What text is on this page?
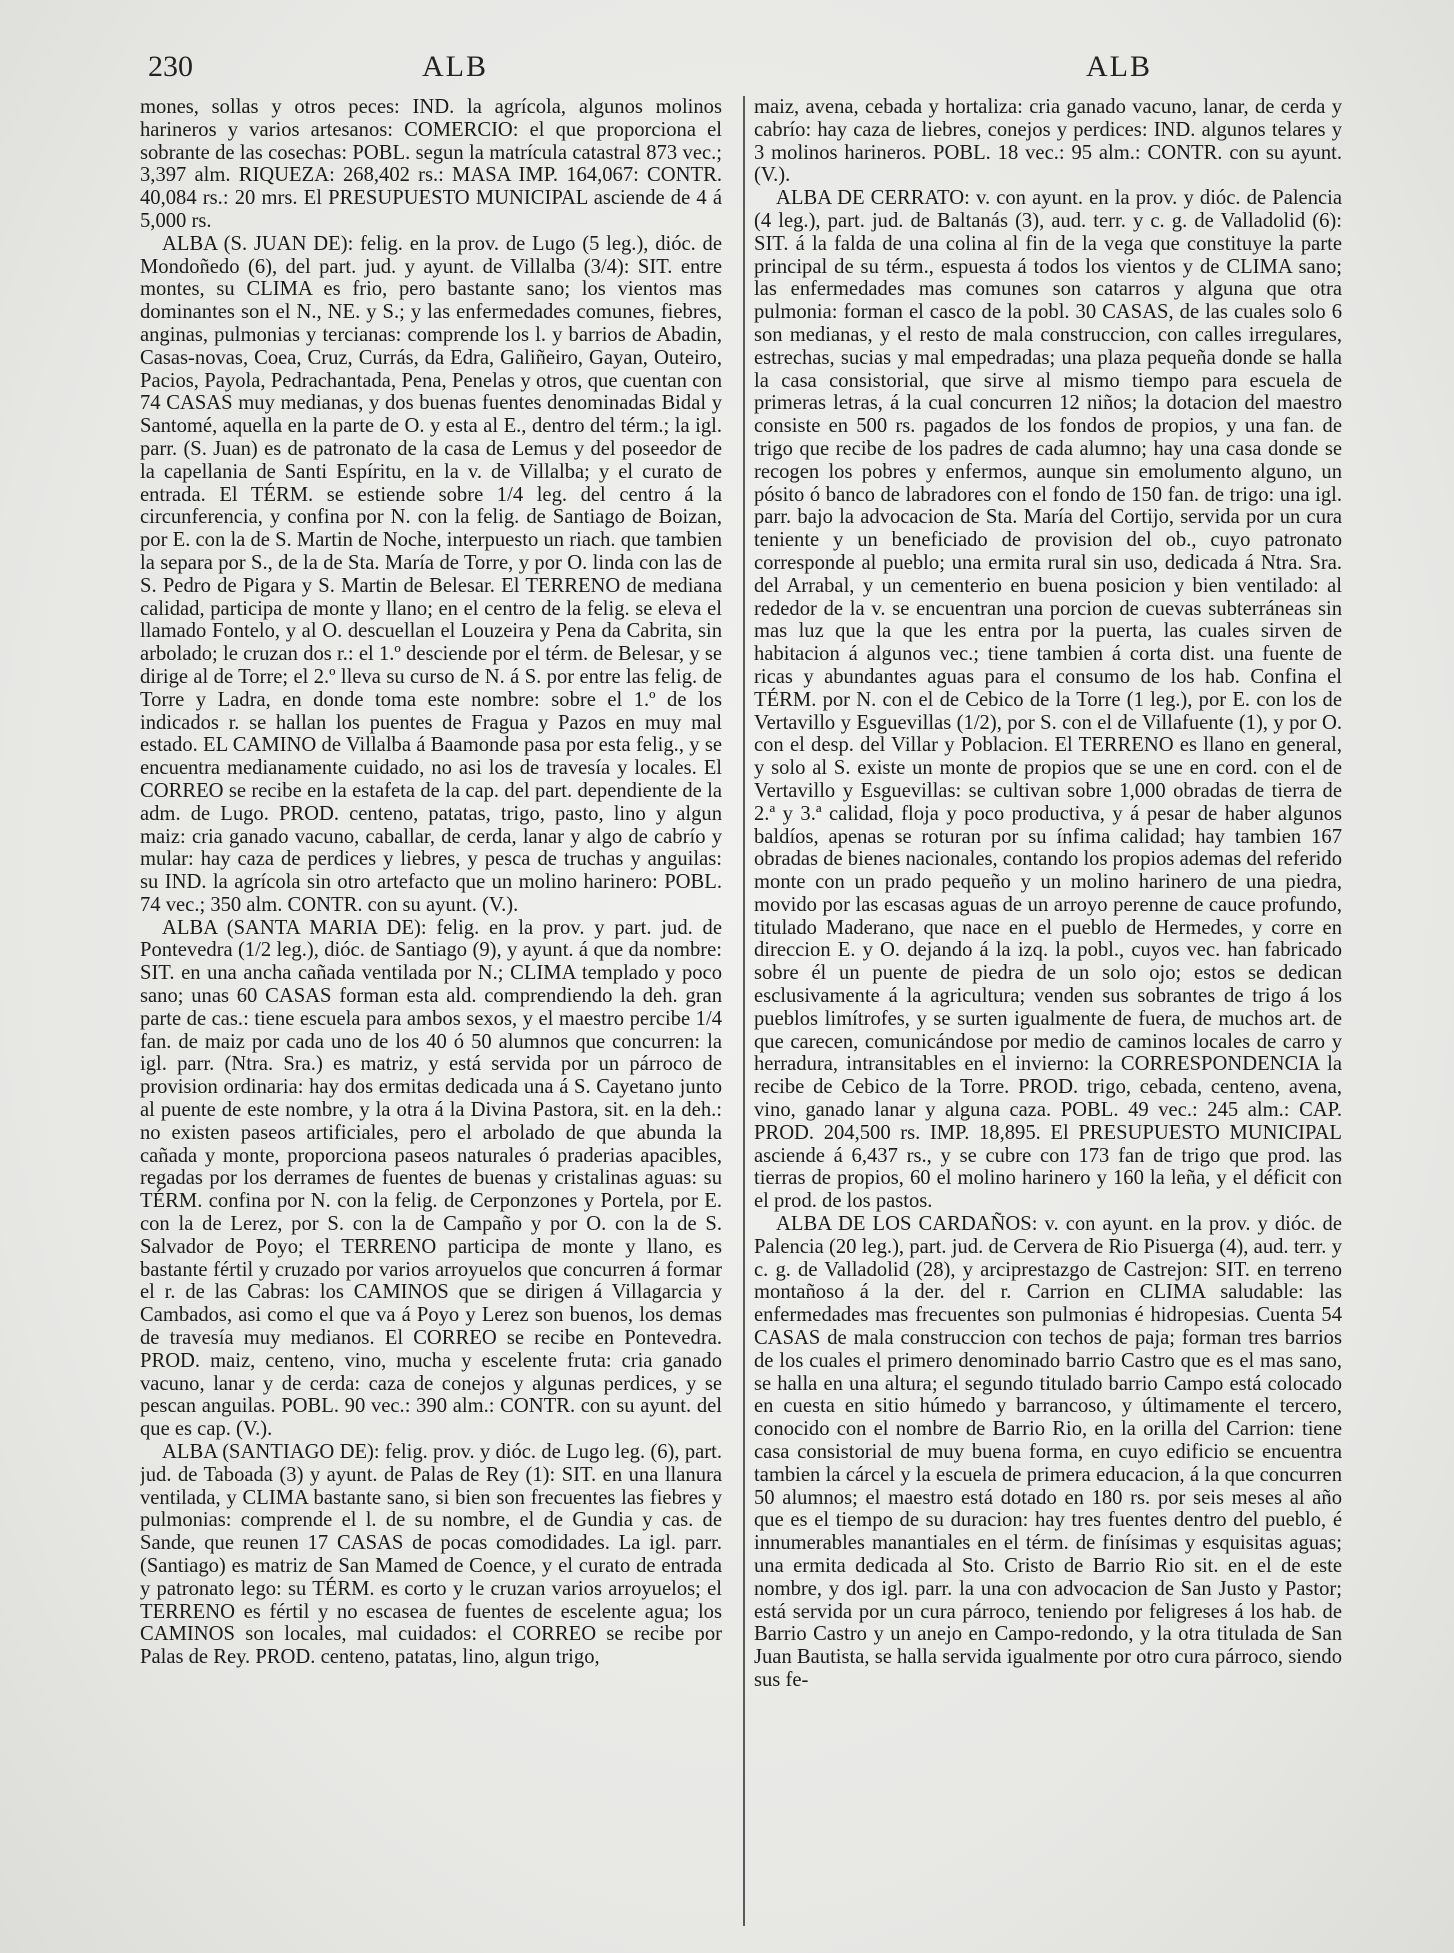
230	ALB	ALB

mones, sollas y otros peces: IND. la agrícola, algunos molinos harineros y varios artesanos: COMERCIO: el que proporciona el sobrante de las cosechas: POBL. segun la matrícula catastral 873 vec.; 3,397 alm. RIQUEZA: 268,402 rs.: MASA IMP. 164,067: CONTR. 40,084 rs.: 20 mrs. El PRESUPUESTO MUNICIPAL asciende de 4 á 5,000 rs.

ALBA (S. JUAN DE): felig. en la prov. de Lugo (5 leg.), dióc. de Mondoñedo (6), del part. jud. y ayunt. de Villalba (3/4): SIT. entre montes, su CLIMA es frio, pero bastante sano; los vientos mas dominantes son el N., NE. y S.; y las enfermedades comunes, fiebres, anginas, pulmonias y tercianas: comprende los l. y barrios de Abadin, Casas-novas, Coea, Cruz, Currás, da Edra, Galiñeiro, Gayan, Outeiro, Pacios, Payola, Pedrachantada, Pena, Penelas y otros, que cuentan con 74 CASAS muy medianas, y dos buenas fuentes denominadas Bidal y Santomé, aquella en la parte de O. y esta al E., dentro del térm.; la igl. parr. (S. Juan) es de patronato de la casa de Lemus y del poseedor de la capellania de Santi Espíritu, en la v. de Villalba; y el curato de entrada. El TÉRM. se estiende sobre 1/4 leg. del centro á la circunferencia, y confina por N. con la felig. de Santiago de Boizan, por E. con la de S. Martin de Noche, interpuesto un riach. que tambien la separa por S., de la de Sta. María de Torre, y por O. linda con las de S. Pedro de Pigara y S. Martin de Belesar. El TERRENO de mediana calidad, participa de monte y llano; en el centro de la felig. se eleva el llamado Fontelo, y al O. descuellan el Louzeira y Pena da Cabrita, sin arbolado; le cruzan dos r.: el 1.º desciende por el térm. de Belesar, y se dirige al de Torre; el 2.º lleva su curso de N. á S. por entre las felig. de Torre y Ladra, en donde toma este nombre: sobre el 1.º de los indicados r. se hallan los puentes de Fragua y Pazos en muy mal estado. EL CAMINO de Villalba á Baamonde pasa por esta felig., y se encuentra medianamente cuidado, no asi los de travesía y locales. El CORREO se recibe en la estafeta de la cap. del part. dependiente de la adm. de Lugo. PROD. centeno, patatas, trigo, pasto, lino y algun maiz: cria ganado vacuno, caballar, de cerda, lanar y algo de cabrío y mular: hay caza de perdices y liebres, y pesca de truchas y anguilas: su IND. la agrícola sin otro artefacto que un molino harinero: POBL. 74 vec.; 350 alm. CONTR. con su ayunt. (V.).

ALBA (SANTA MARIA DE): felig. en la prov. y part. jud. de Pontevedra (1/2 leg.), dióc. de Santiago (9), y ayunt. á que da nombre: SIT. en una ancha cañada ventilada por N.; CLIMA templado y poco sano; unas 60 CASAS forman esta ald. comprendiendo la deh. gran parte de cas.: tiene escuela para ambos sexos, y el maestro percibe 1/4 fan. de maiz por cada uno de los 40 ó 50 alumnos que concurren: la igl. parr. (Ntra. Sra.) es matriz, y está servida por un párroco de provision ordinaria: hay dos ermitas dedicada una á S. Cayetano junto al puente de este nombre, y la otra á la Divina Pastora, sit. en la deh.: no existen paseos artificiales, pero el arbolado de que abunda la cañada y monte, proporciona paseos naturales ó praderias apacibles, regadas por los derrames de fuentes de buenas y cristalinas aguas: su TÉRM. confina por N. con la felig. de Cerponzones y Portela, por E. con la de Lerez, por S. con la de Campaño y por O. con la de S. Salvador de Poyo; el TERRENO participa de monte y llano, es bastante fértil y cruzado por varios arroyuelos que concurren á formar el r. de las Cabras: los CAMINOS que se dirigen á Villagarcia y Cambados, asi como el que va á Poyo y Lerez son buenos, los demas de travesía muy medianos. El CORREO se recibe en Pontevedra. PROD. maiz, centeno, vino, mucha y escelente fruta: cria ganado vacuno, lanar y de cerda: caza de conejos y algunas perdices, y se pescan anguilas. POBL. 90 vec.: 390 alm.: CONTR. con su ayunt. del que es cap. (V.).

ALBA (SANTIAGO DE): felig. prov. y dióc. de Lugo leg. (6), part. jud. de Taboada (3) y ayunt. de Palas de Rey (1): SIT. en una llanura ventilada, y CLIMA bastante sano, si bien son frecuentes las fiebres y pulmonias: comprende el l. de su nombre, el de Gundia y cas. de Sande, que reunen 17 CASAS de pocas comodidades. La igl. parr. (Santiago) es matriz de San Mamed de Coence, y el curato de entrada y patronato lego: su TÉRM. es corto y le cruzan varios arroyuelos; el TERRENO es fértil y no escasea de fuentes de escelente agua; los CAMINOS son locales, mal cuidados: el CORREO se recibe por Palas de Rey. PROD. centeno, patatas, lino, algun trigo,

maiz, avena, cebada y hortaliza: cria ganado vacuno, lanar, de cerda y cabrío: hay caza de liebres, conejos y perdices: IND. algunos telares y 3 molinos harineros. POBL. 18 vec.: 95 alm.: CONTR. con su ayunt. (V.).

ALBA DE CERRATO: v. con ayunt. en la prov. y dióc. de Palencia (4 leg.), part. jud. de Baltanás (3), aud. terr. y c. g. de Valladolid (6): SIT. á la falda de una colina al fin de la vega que constituye la parte principal de su térm., espuesta á todos los vientos y de CLIMA sano; las enfermedades mas comunes son catarros y alguna que otra pulmonia: forman el casco de la pobl. 30 CASAS, de las cuales solo 6 son medianas, y el resto de mala construccion, con calles irregulares, estrechas, sucias y mal empedradas; una plaza pequeña donde se halla la casa consistorial, que sirve al mismo tiempo para escuela de primeras letras, á la cual concurren 12 niños; la dotacion del maestro consiste en 500 rs. pagados de los fondos de propios, y una fan. de trigo que recibe de los padres de cada alumno; hay una casa donde se recogen los pobres y enfermos, aunque sin emolumento alguno, un pósito ó banco de labradores con el fondo de 150 fan. de trigo: una igl. parr. bajo la advocacion de Sta. María del Cortijo, servida por un cura teniente y un beneficiado de provision del ob., cuyo patronato corresponde al pueblo; una ermita rural sin uso, dedicada á Ntra. Sra. del Arrabal, y un cementerio en buena posicion y bien ventilado: al rededor de la v. se encuentran una porcion de cuevas subterráneas sin mas luz que la que les entra por la puerta, las cuales sirven de habitacion á algunos vec.; tiene tambien á corta dist. una fuente de ricas y abundantes aguas para el consumo de los hab. Confina el TÉRM. por N. con el de Cebico de la Torre (1 leg.), por E. con los de Vertavillo y Esguevillas (1/2), por S. con el de Villafuente (1), y por O. con el desp. del Villar y Poblacion. El TERRENO es llano en general, y solo al S. existe un monte de propios que se une en cord. con el de Vertavillo y Esguevillas: se cultivan sobre 1,000 obradas de tierra de 2.ª y 3.ª calidad, floja y poco productiva, y á pesar de haber algunos baldíos, apenas se roturan por su ínfima calidad; hay tambien 167 obradas de bienes nacionales, contando los propios ademas del referido monte con un prado pequeño y un molino harinero de una piedra, movido por las escasas aguas de un arroyo perenne de cauce profundo, titulado Maderano, que nace en el pueblo de Hermedes, y corre en direccion E. y O. dejando á la izq. la pobl., cuyos vec. han fabricado sobre él un puente de piedra de un solo ojo; estos se dedican esclusivamente á la agricultura; venden sus sobrantes de trigo á los pueblos limítrofes, y se surten igualmente de fuera, de muchos art. de que carecen, comunicándose por medio de caminos locales de carro y herradura, intransitables en el invierno: la CORRESPONDENCIA la recibe de Cebico de la Torre. PROD. trigo, cebada, centeno, avena, vino, ganado lanar y alguna caza. POBL. 49 vec.: 245 alm.: CAP. PROD. 204,500 rs. IMP. 18,895. El PRESUPUESTO MUNICIPAL asciende á 6,437 rs., y se cubre con 173 fan de trigo que prod. las tierras de propios, 60 el molino harinero y 160 la leña, y el déficit con el prod. de los pastos.

ALBA DE LOS CARDAÑOS: v. con ayunt. en la prov. y dióc. de Palencia (20 leg.), part. jud. de Cervera de Rio Pisuerga (4), aud. terr. y c. g. de Valladolid (28), y arciprestazgo de Castrejon: SIT. en terreno montañoso á la der. del r. Carrion en CLIMA saludable: las enfermedades mas frecuentes son pulmonias é hidropesias. Cuenta 54 CASAS de mala construccion con techos de paja; forman tres barrios de los cuales el primero denominado barrio Castro que es el mas sano, se halla en una altura; el segundo titulado barrio Campo está colocado en cuesta en sitio húmedo y barrancoso, y últimamente el tercero, conocido con el nombre de Barrio Rio, en la orilla del Carrion: tiene casa consistorial de muy buena forma, en cuyo edificio se encuentra tambien la cárcel y la escuela de primera educacion, á la que concurren 50 alumnos; el maestro está dotado en 180 rs. por seis meses al año que es el tiempo de su duracion: hay tres fuentes dentro del pueblo, é innumerables manantiales en el térm. de finísimas y esquisitas aguas; una ermita dedicada al Sto. Cristo de Barrio Rio sit. en el de este nombre, y dos igl. parr. la una con advocacion de San Justo y Pastor; está servida por un cura párroco, teniendo por feligreses á los hab. de Barrio Castro y un anejo en Campo-redondo, y la otra titulada de San Juan Bautista, se halla servida igualmente por otro cura párroco, siendo sus fe-
